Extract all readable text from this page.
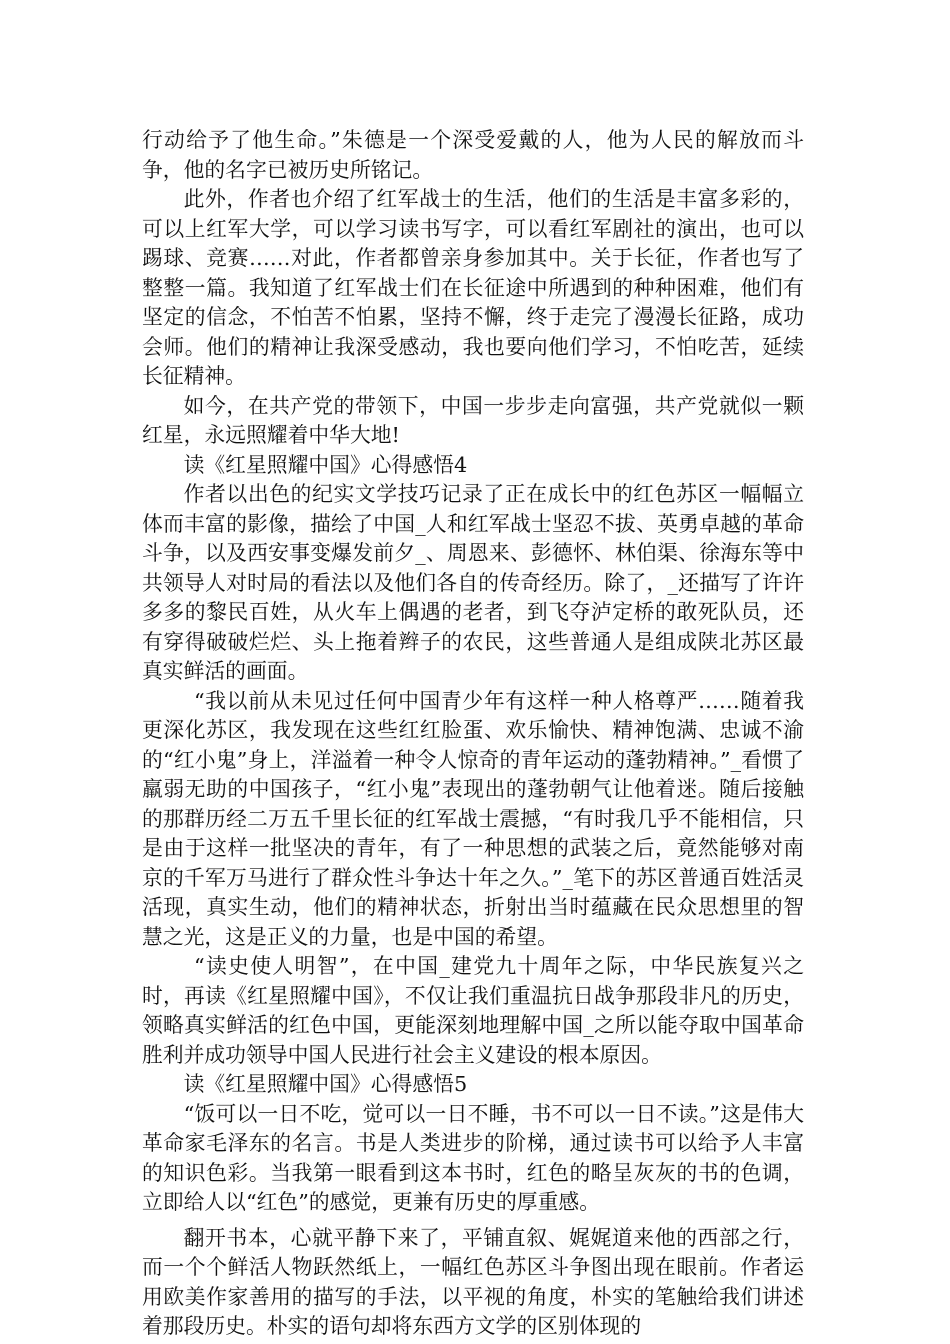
行动给予了他生命。”朱德是一个深受爱戴的人，他为人民的解放而斗争，他的名字已被历史所铭记。

此外，作者也介绍了红军战士的生活，他们的生活是丰富多彩的，可以上红军大学，可以学习读书写字，可以看红军剧社的演出，也可以踢球、竞赛……对此，作者都曾亲身参加其中。关于长征，作者也写了整整一篇。我知道了红军战士们在长征途中所遇到的种种困难，他们有坚定的信念，不怕苦不怕累，坚持不懈，终于走完了漫漫长征路，成功会师。他们的精神让我深受感动，我也要向他们学习，不怕吃苦，延续长征精神。

如今，在共产党的带领下，中国一步步走向富强，共产党就似一颗红星，永远照耀着中华大地!

读《红星照耀中国》心得感悟4

作者以出色的纪实文学技巧记录了正在成长中的红色苏区一幅幅立体而丰富的影像，描绘了中国_人和红军战士坚忍不拔、英勇卓越的革命斗争，以及西安事变爆发前夕_、周恩来、彭德怀、林伯渠、徐海东等中共领导人对时局的看法以及他们各自的传奇经历。除了，_还描写了许许多多的黎民百姓，从火车上偶遇的老者，到飞夺泸定桥的敢死队员，还有穿得破破烂烂、头上拖着辫子的农民，这些普通人是组成陕北苏区最真实鲜活的画面。

“我以前从未见过任何中国青少年有这样一种人格尊严……随着我更深化苏区，我发现在这些红红脸蛋、欢乐愉快、精神饱满、忠诚不渝的“红小鬼”身上，洋溢着一种令人惊奇的青年运动的蓬勃精神。”_看惯了羸弱无助的中国孩子，“红小鬼”表现出的蓬勃朝气让他着迷。随后接触的那群历经二万五千里长征的红军战士震撼，“有时我几乎不能相信，只是由于这样一批坚决的青年，有了一种思想的武装之后，竟然能够对南京的千军万马进行了群众性斗争达十年之久。”_笔下的苏区普通百姓活灵活现，真实生动，他们的精神状态，折射出当时蕴藏在民众思想里的智慧之光，这是正义的力量，也是中国的希望。

“读史使人明智”，在中国_建党九十周年之际，中华民族复兴之时，再读《红星照耀中国》，不仅让我们重温抗日战争那段非凡的历史，领略真实鲜活的红色中国，更能深刻地理解中国_之所以能夺取中国革命胜利并成功领导中国人民进行社会主义建设的根本原因。

读《红星照耀中国》心得感悟5

“饭可以一日不吃，觉可以一日不睡，书不可以一日不读。”这是伟大革命家毛泽东的名言。书是人类进步的阶梯，通过读书可以给予人丰富的知识色彩。当我第一眼看到这本书时，红色的略呈灰灰的书的色调，立即给人以“红色”的感觉，更兼有历史的厚重感。

翻开书本，心就平静下来了，平铺直叙、娓娓道来他的西部之行，而一个个鲜活人物跃然纸上，一幅红色苏区斗争图出现在眼前。作者运用欧美作家善用的描写的手法，以平视的角度，朴实的笔触给我们讲述着那段历史。朴实的语句却将东西方文学的区别体现的
